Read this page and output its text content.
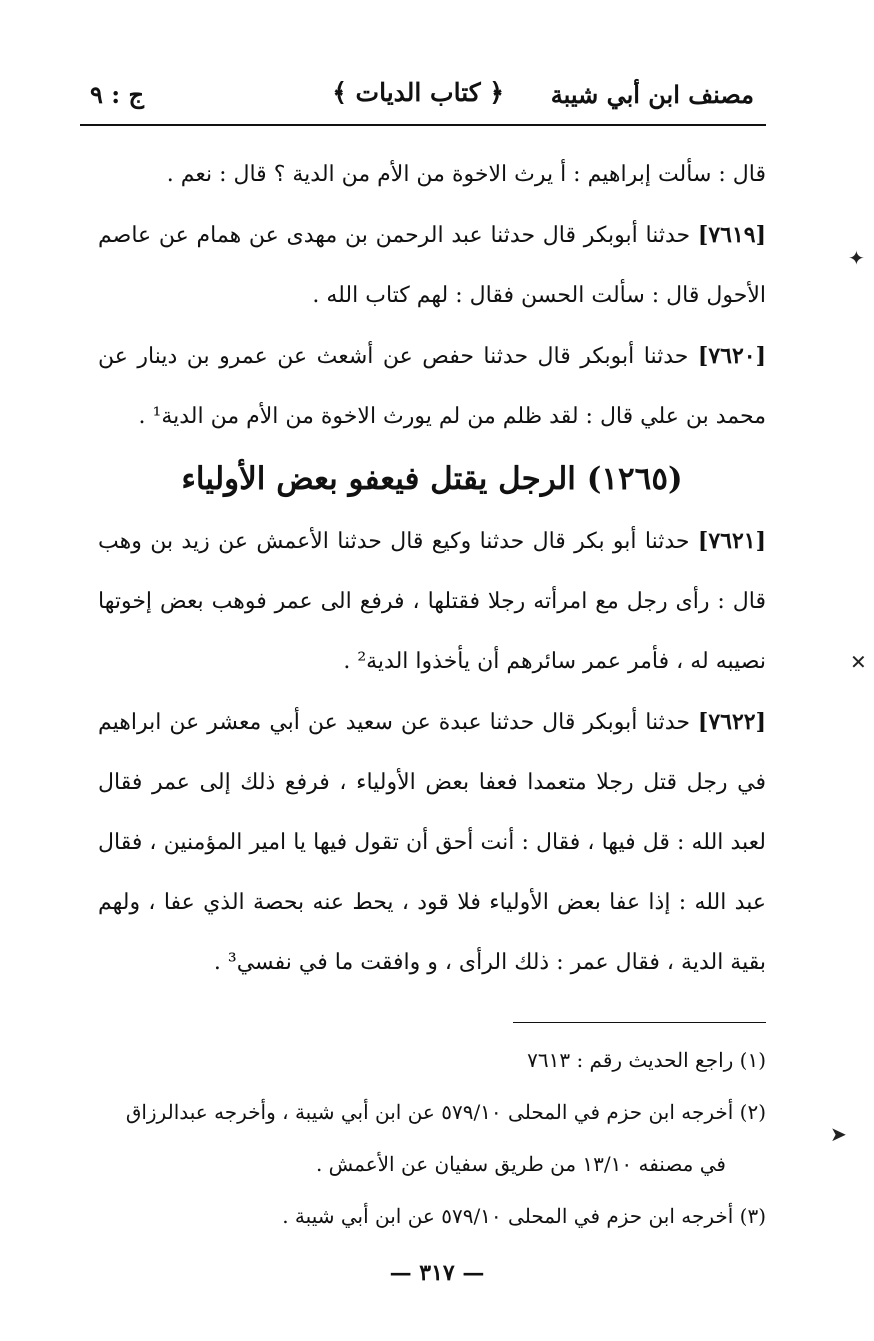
مصنف ابن أبي شيبة
﴿ كتاب الديات ﴾
ج : ٩

قال : سألت إبراهيم : أ يرث الاخوة من الأم من الدية ؟ قال : نعم .

[٧٦١٩] حدثنا أبوبكر قال حدثنا عبد الرحمن بن مهدى عن همام عن عاصم الأحول قال : سألت الحسن فقال : لهم كتاب الله .

[٧٦٢٠] حدثنا أبوبكر قال حدثنا حفص عن أشعث عن عمرو بن دينار عن محمد بن علي قال : لقد ظلم من لم يورث الاخوة من الأم من الدية¹ .

(١٢٦٥) الرجل يقتل فيعفو بعض الأولياء

[٧٦٢١] حدثنا أبو بكر قال حدثنا وكيع قال حدثنا الأعمش عن زيد بن وهب قال : رأى رجل مع امرأته رجلا فقتلها ، فرفع الى عمر فوهب بعض إخوتها نصيبه له ، فأمر عمر سائرهم أن يأخذوا الدية² .

[٧٦٢٢] حدثنا أبوبكر قال حدثنا عبدة عن سعيد عن أبي معشر عن ابراهيم في رجل قتل رجلا متعمدا فعفا بعض الأولياء ، فرفع ذلك إلى عمر فقال لعبد الله : قل فيها ، فقال : أنت أحق أن تقول فيها يا امير المؤمنين ، فقال عبد الله : إذا عفا بعض الأولياء فلا قود ، يحط عنه بحصة الذي عفا ، ولهم بقية الدية ، فقال عمر : ذلك الرأى ، و وافقت ما في نفسي³ .

(١) راجع الحديث رقم : ٧٦١٣

(٢) أخرجه ابن حزم في المحلى ٥٧٩/١٠ عن ابن أبي شيبة ، وأخرجه عبدالرزاق

في مصنفه ١٣/١٠ من طريق سفيان عن الأعمش .

(٣) أخرجه ابن حزم في المحلى ٥٧٩/١٠ عن ابن أبي شيبة .

— ٣١٧ —
✦
✕
➤
